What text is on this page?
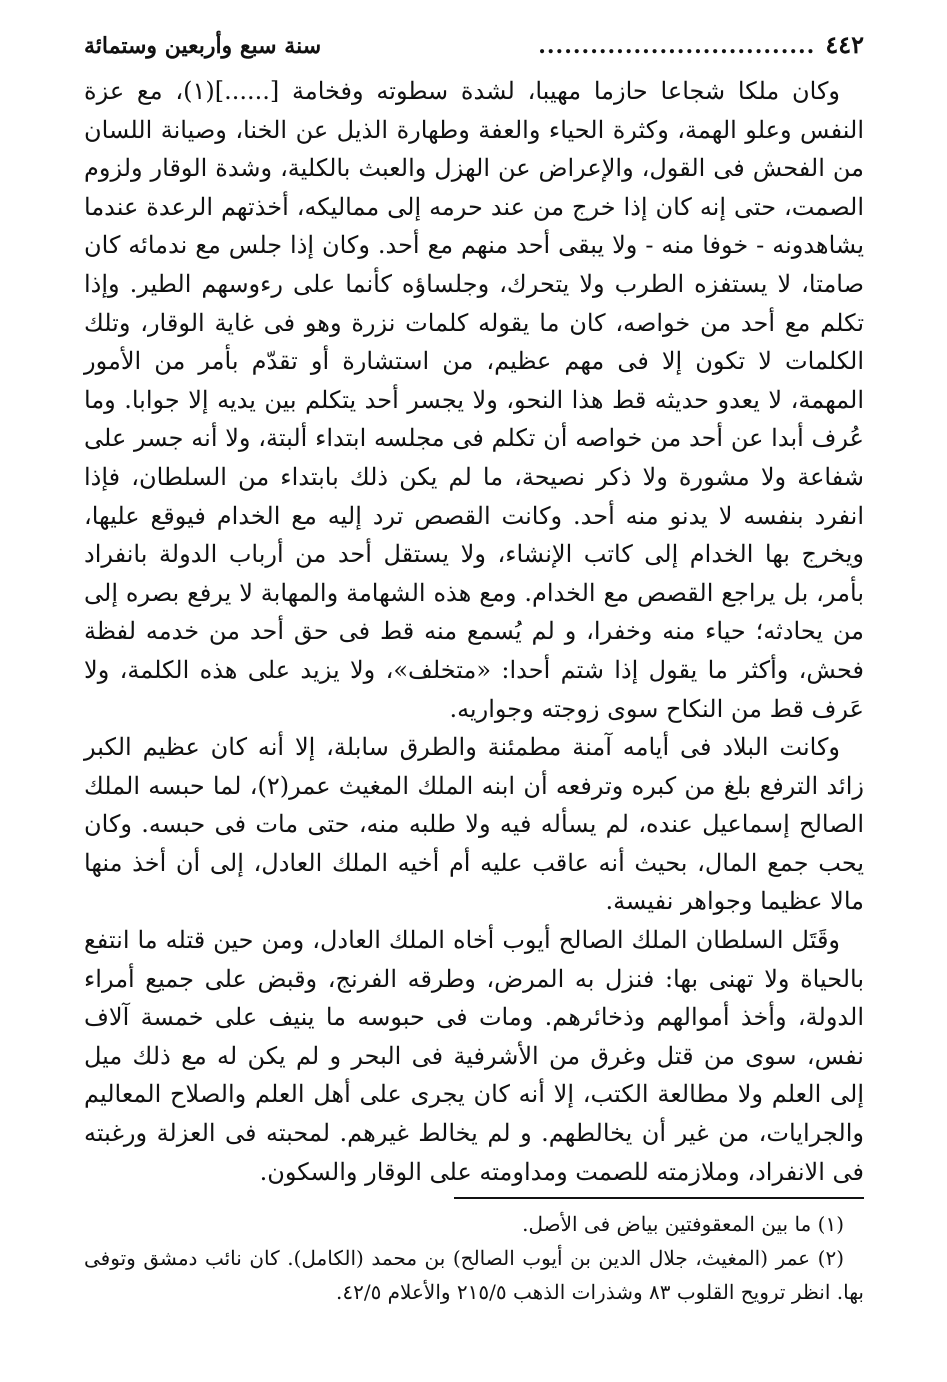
٤٤٢
................................
سنة سبع وأربعين وستمائة

وكان ملكا شجاعا حازما مهيبا، لشدة سطوته وفخامة [......](١)، مع عزة النفس وعلو الهمة، وكثرة الحياء والعفة وطهارة الذيل عن الخنا، وصيانة اللسان من الفحش فى القول، والإعراض عن الهزل والعبث بالكلية، وشدة الوقار ولزوم الصمت، حتى إنه كان إذا خرج من عند حرمه إلى مماليكه، أخذتهم الرعدة عندما يشاهدونه - خوفا منه - ولا يبقى أحد منهم مع أحد. وكان إذا جلس مع ندمائه كان صامتا، لا يستفزه الطرب ولا يتحرك، وجلساؤه كأنما على رءوسهم الطير. وإذا تكلم مع أحد من خواصه، كان ما يقوله كلمات نزرة وهو فى غاية الوقار، وتلك الكلمات لا تكون إلا فى مهم عظيم، من استشارة أو تقدّم بأمر من الأمور المهمة، لا يعدو حديثه قط هذا النحو، ولا يجسر أحد يتكلم بين يديه إلا جوابا. وما عُرف أبدا عن أحد من خواصه أن تكلم فى مجلسه ابتداء ألبتة، ولا أنه جسر على شفاعة ولا مشورة ولا ذكر نصيحة، ما لم يكن ذلك بابتداء من السلطان، فإذا انفرد بنفسه لا يدنو منه أحد. وكانت القصص ترد إليه مع الخدام فيوقع عليها، ويخرج بها الخدام إلى كاتب الإنشاء، ولا يستقل أحد من أرباب الدولة بانفراد بأمر، بل يراجع القصص مع الخدام. ومع هذه الشهامة والمهابة لا يرفع بصره إلى من يحادثه؛ حياء منه وخفرا، و لم يُسمع منه قط فى حق أحد من خدمه لفظة فحش، وأكثر ما يقول إذا شتم أحدا: «متخلف»، ولا يزيد على هذه الكلمة، ولا عَرف قط من النكاح سوى زوجته وجواريه.

وكانت البلاد فى أيامه آمنة مطمئنة والطرق سابلة، إلا أنه كان عظيم الكبر زائد الترفع بلغ من كبره وترفعه أن ابنه الملك المغيث عمر(٢)، لما حبسه الملك الصالح إسماعيل عنده، لم يسأله فيه ولا طلبه منه، حتى مات فى حبسه. وكان يحب جمع المال، بحيث أنه عاقب عليه أم أخيه الملك العادل، إلى أن أخذ منها مالا عظيما وجواهر نفيسة.

وقَتَل السلطان الملك الصالح أيوب أخاه الملك العادل، ومن حين قتله ما انتفع بالحياة ولا تهنى بها: فنزل به المرض، وطرقه الفرنج، وقبض على جميع أمراء الدولة، وأخذ أموالهم وذخائرهم. ومات فى حبوسه ما ينيف على خمسة آلاف نفس، سوى من قتل وغرق من الأشرفية فى البحر و لم يكن له مع ذلك ميل إلى العلم ولا مطالعة الكتب، إلا أنه كان يجرى على أهل العلم والصلاح المعاليم والجرايات، من غير أن يخالطهم. و لم يخالط غيرهم. لمحبته فى العزلة ورغبته فى الانفراد، وملازمته للصمت ومداومته على الوقار والسكون.

(١) ما بين المعقوفتين بياض فى الأصل.

(٢) عمر (المغيث، جلال الدين بن أيوب الصالح) بن محمد (الكامل). كان نائب دمشق وتوفى بها. انظر ترويح القلوب ٨٣ وشذرات الذهب ٢١٥/٥ والأعلام ٤٢/٥.
